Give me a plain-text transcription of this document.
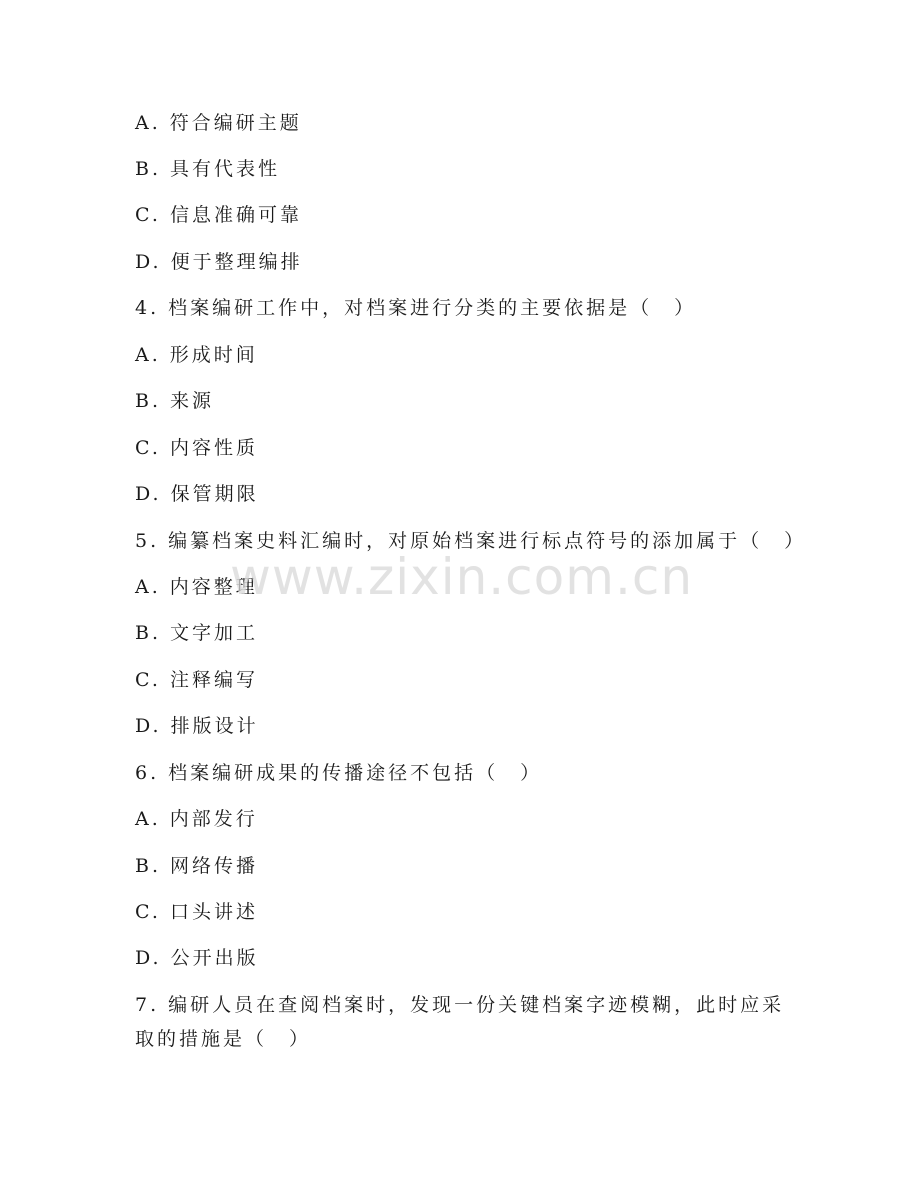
A. 符合编研主题
B. 具有代表性
C. 信息准确可靠
D. 便于整理编排
4. 档案编研工作中，对档案进行分类的主要依据是（　）
A. 形成时间
B. 来源
C. 内容性质
D. 保管期限
5. 编纂档案史料汇编时，对原始档案进行标点符号的添加属于（　）
A. 内容整理
B. 文字加工
C. 注释编写
D. 排版设计
6. 档案编研成果的传播途径不包括（　）
A. 内部发行
B. 网络传播
C. 口头讲述
D. 公开出版
7. 编研人员在查阅档案时，发现一份关键档案字迹模糊，此时应采取的措施是（　）
www.zixin.com.cn
